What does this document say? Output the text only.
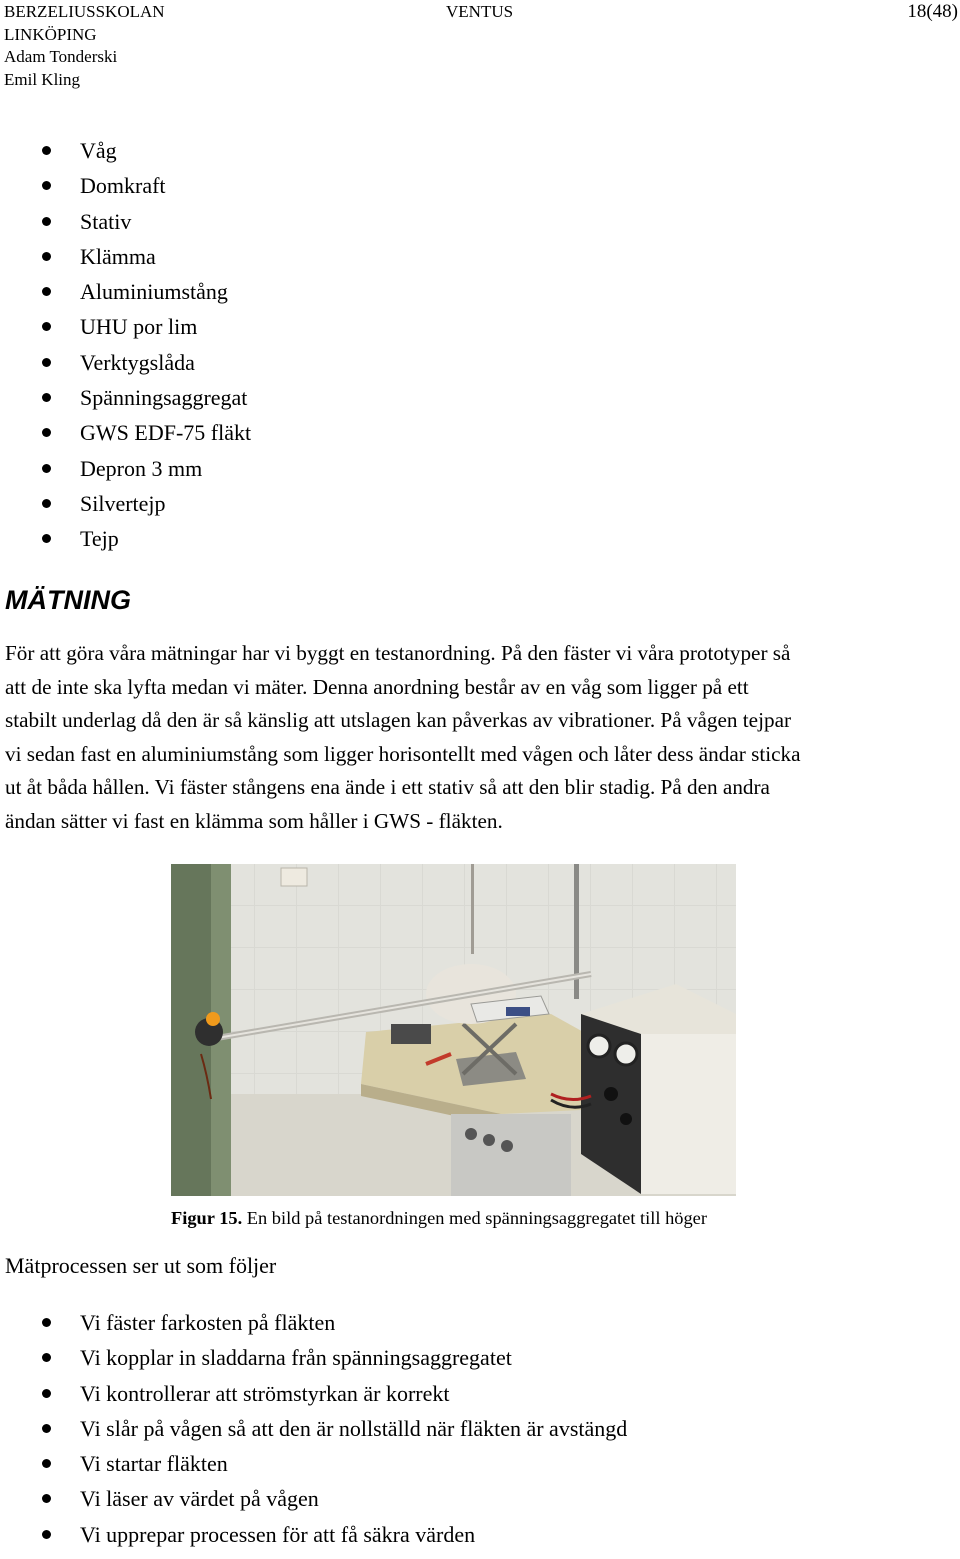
BERZELIUSSKOLAN
LINKÖPING
Adam Tonderski
Emil Kling
VENTUS	18(48)
Våg
Domkraft
Stativ
Klämma
Aluminiumstång
UHU por lim
Verktygslåda
Spänningsaggregat
GWS EDF-75 fläkt
Depron 3 mm
Silvertejp
Tejp
MÄTNING
För att göra våra mätningar har vi byggt en testanordning. På den fäster vi våra prototyper så
att de inte ska lyfta medan vi mäter. Denna anordning består av en våg som ligger på ett
stabilt underlag då den är så känslig att utslagen kan påverkas av vibrationer. På vågen tejpar
vi sedan fast en aluminiumstång som ligger horisontellt med vågen och låter dess ändar sticka
ut åt båda hållen. Vi fäster stångens ena ände i ett stativ så att den blir stadig. På den andra
ändan sätter vi fast en klämma som håller i GWS - fläkten.
Figur 15. En bild på testanordningen med spänningsaggregatet till höger
Mätprocessen ser ut som följer
Vi fäster farkosten på fläkten
Vi kopplar in sladdarna från spänningsaggregatet
Vi kontrollerar att strömstyrkan är korrekt
Vi slår på vågen så att den är nollställd när fläkten är avstängd
Vi startar fläkten
Vi läser av värdet på vågen
Vi upprepar processen för att få säkra värden
